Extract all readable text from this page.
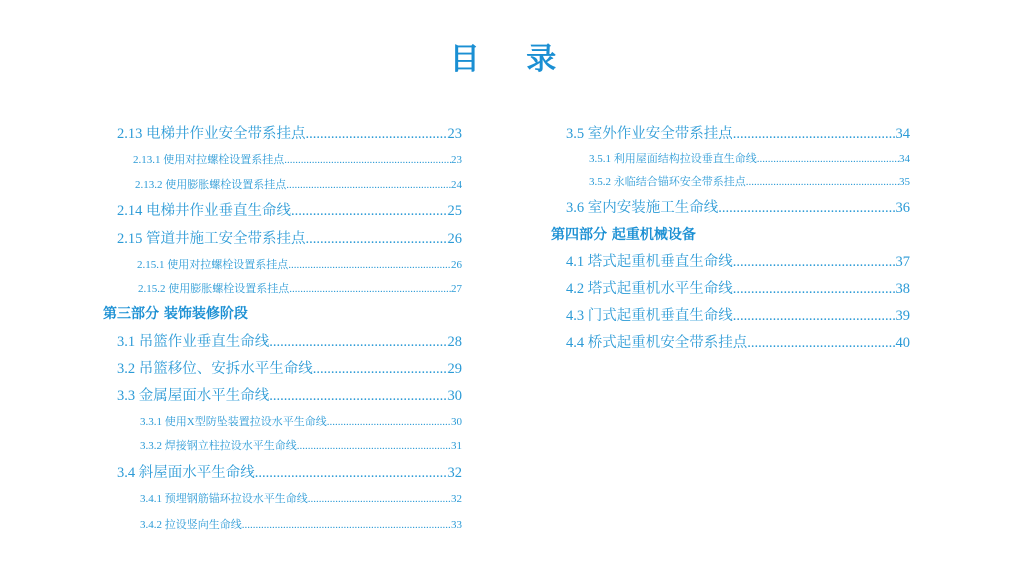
目 录
2.13 电梯井作业安全带系挂点 .....	23
2.13.1 使用对拉螺栓设置系挂点 .....	23
2.13.2 使用膨胀螺栓设置系挂点 .....	24
2.14 电梯井作业垂直生命线 .....	25
2.15 管道井施工安全带系挂点 .....	26
2.15.1 使用对拉螺栓设置系挂点 .....	26
2.15.2 使用膨胀螺栓设置系挂点 .....	27
第三部分 装饰装修阶段
3.1 吊篮作业垂直生命线 .....	28
3.2 吊篮移位、安拆水平生命线 .....	29
3.3 金属屋面水平生命线 .....	30
3.3.1 使用X型防坠装置拉设水平生命线 .....	30
3.3.2 焊接钢立柱拉设水平生命线 .....	31
3.4 斜屋面水平生命线 .....	32
3.4.1 预埋钢筋锚环拉设水平生命线 .....	32
3.4.2 拉设竖向生命线 .....	33
3.5 室外作业安全带系挂点 .....	34
3.5.1 利用屋面结构拉设垂直生命线 .....	34
3.5.2 永临结合锚环安全带系挂点 .....	35
3.6 室内安装施工生命线 .....	36
第四部分 起重机械设备
4.1 塔式起重机垂直生命线 .....	37
4.2 塔式起重机水平生命线 .....	38
4.3 门式起重机垂直生命线 .....	39
4.4 桥式起重机安全带系挂点 .....	40
